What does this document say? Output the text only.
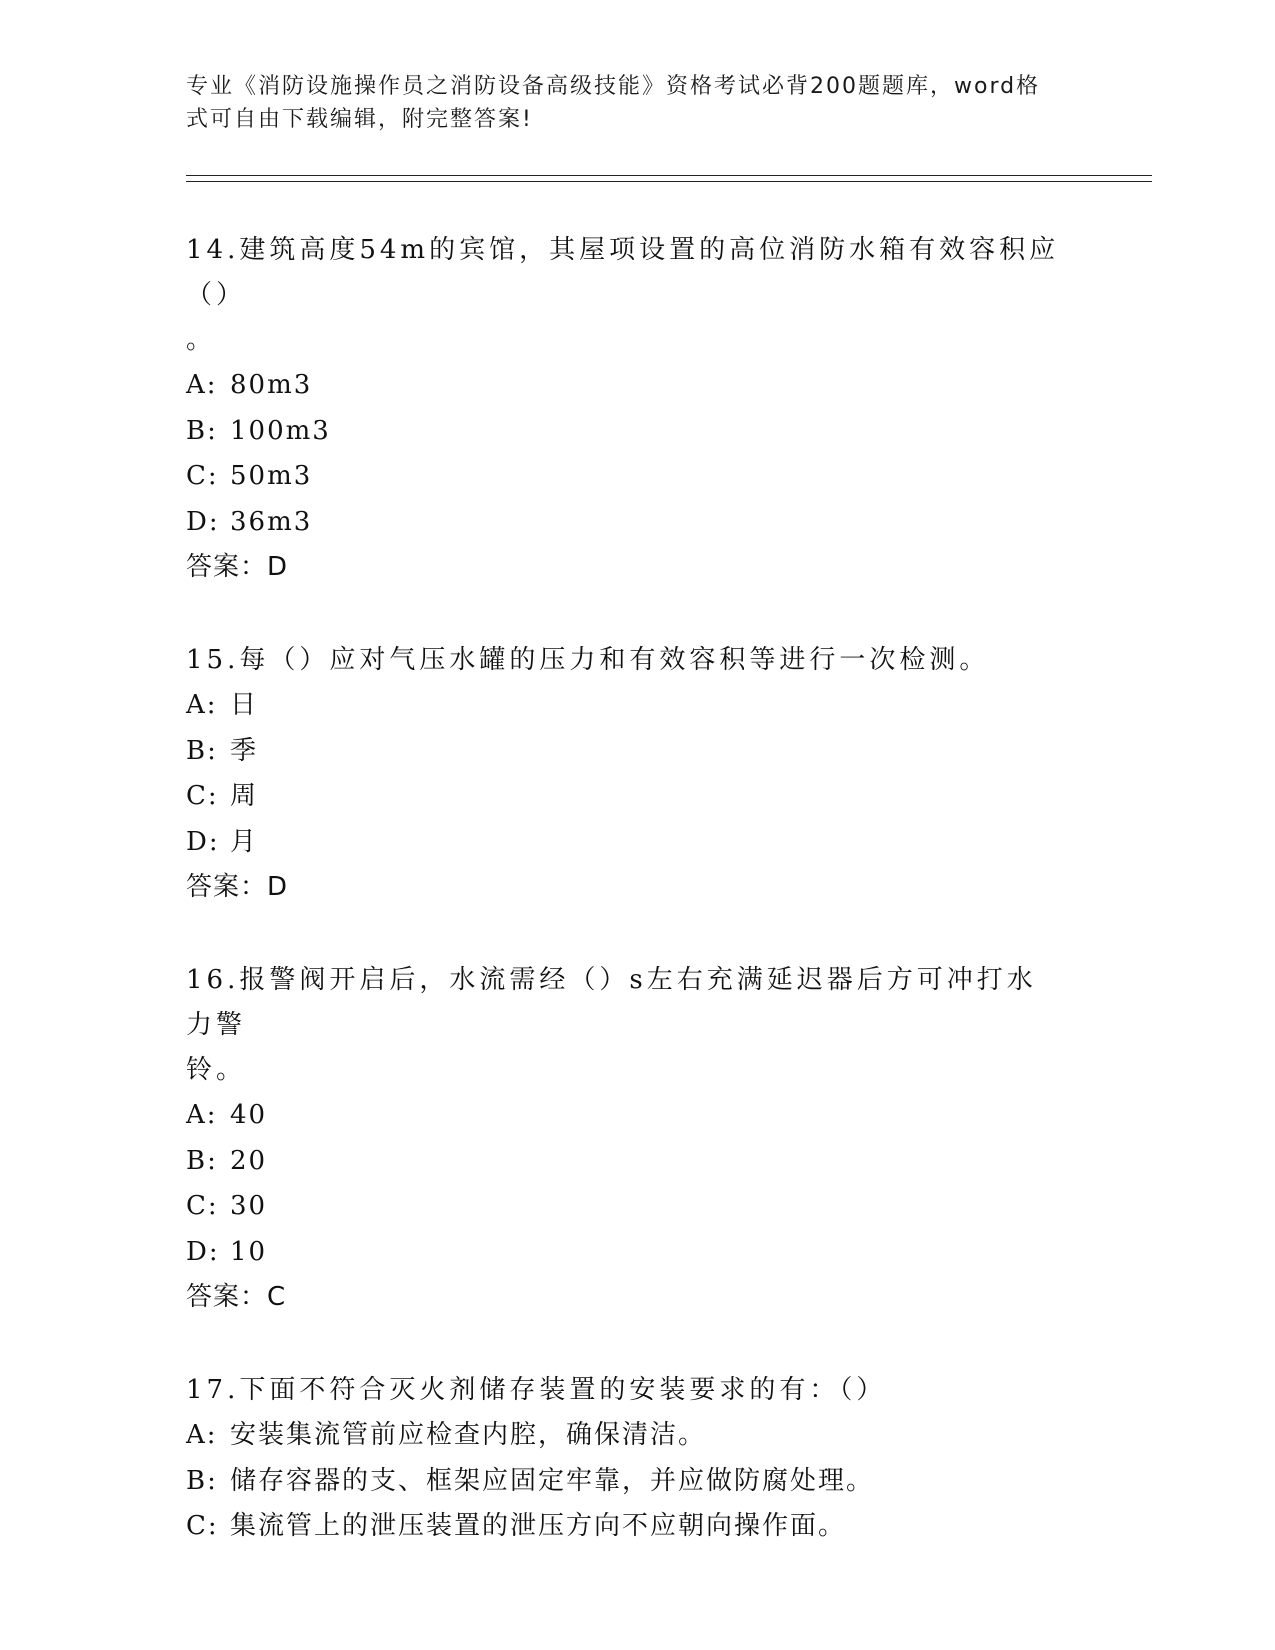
专业《消防设施操作员之消防设备高级技能》资格考试必背200题题库，word格
式可自由下载编辑，附完整答案!

14.建筑高度54m的宾馆，其屋项设置的高位消防水箱有效容积应（）

。

A: 80m3

B: 100m3

C: 50m3

D: 36m3

答案：D

15.每（）应对气压水罐的压力和有效容积等进行一次检测。

A: 日

B: 季

C: 周

D: 月

答案：D

16.报警阀开启后，水流需经（）s左右充满延迟器后方可冲打水力警

铃。

A: 40

B: 20

C: 30

D: 10

答案：C

17.下面不符合灭火剂储存装置的安装要求的有：（）

A: 安装集流管前应检查内腔，确保清洁。

B: 储存容器的支、框架应固定牢靠，并应做防腐处理。

C: 集流管上的泄压装置的泄压方向不应朝向操作面。
